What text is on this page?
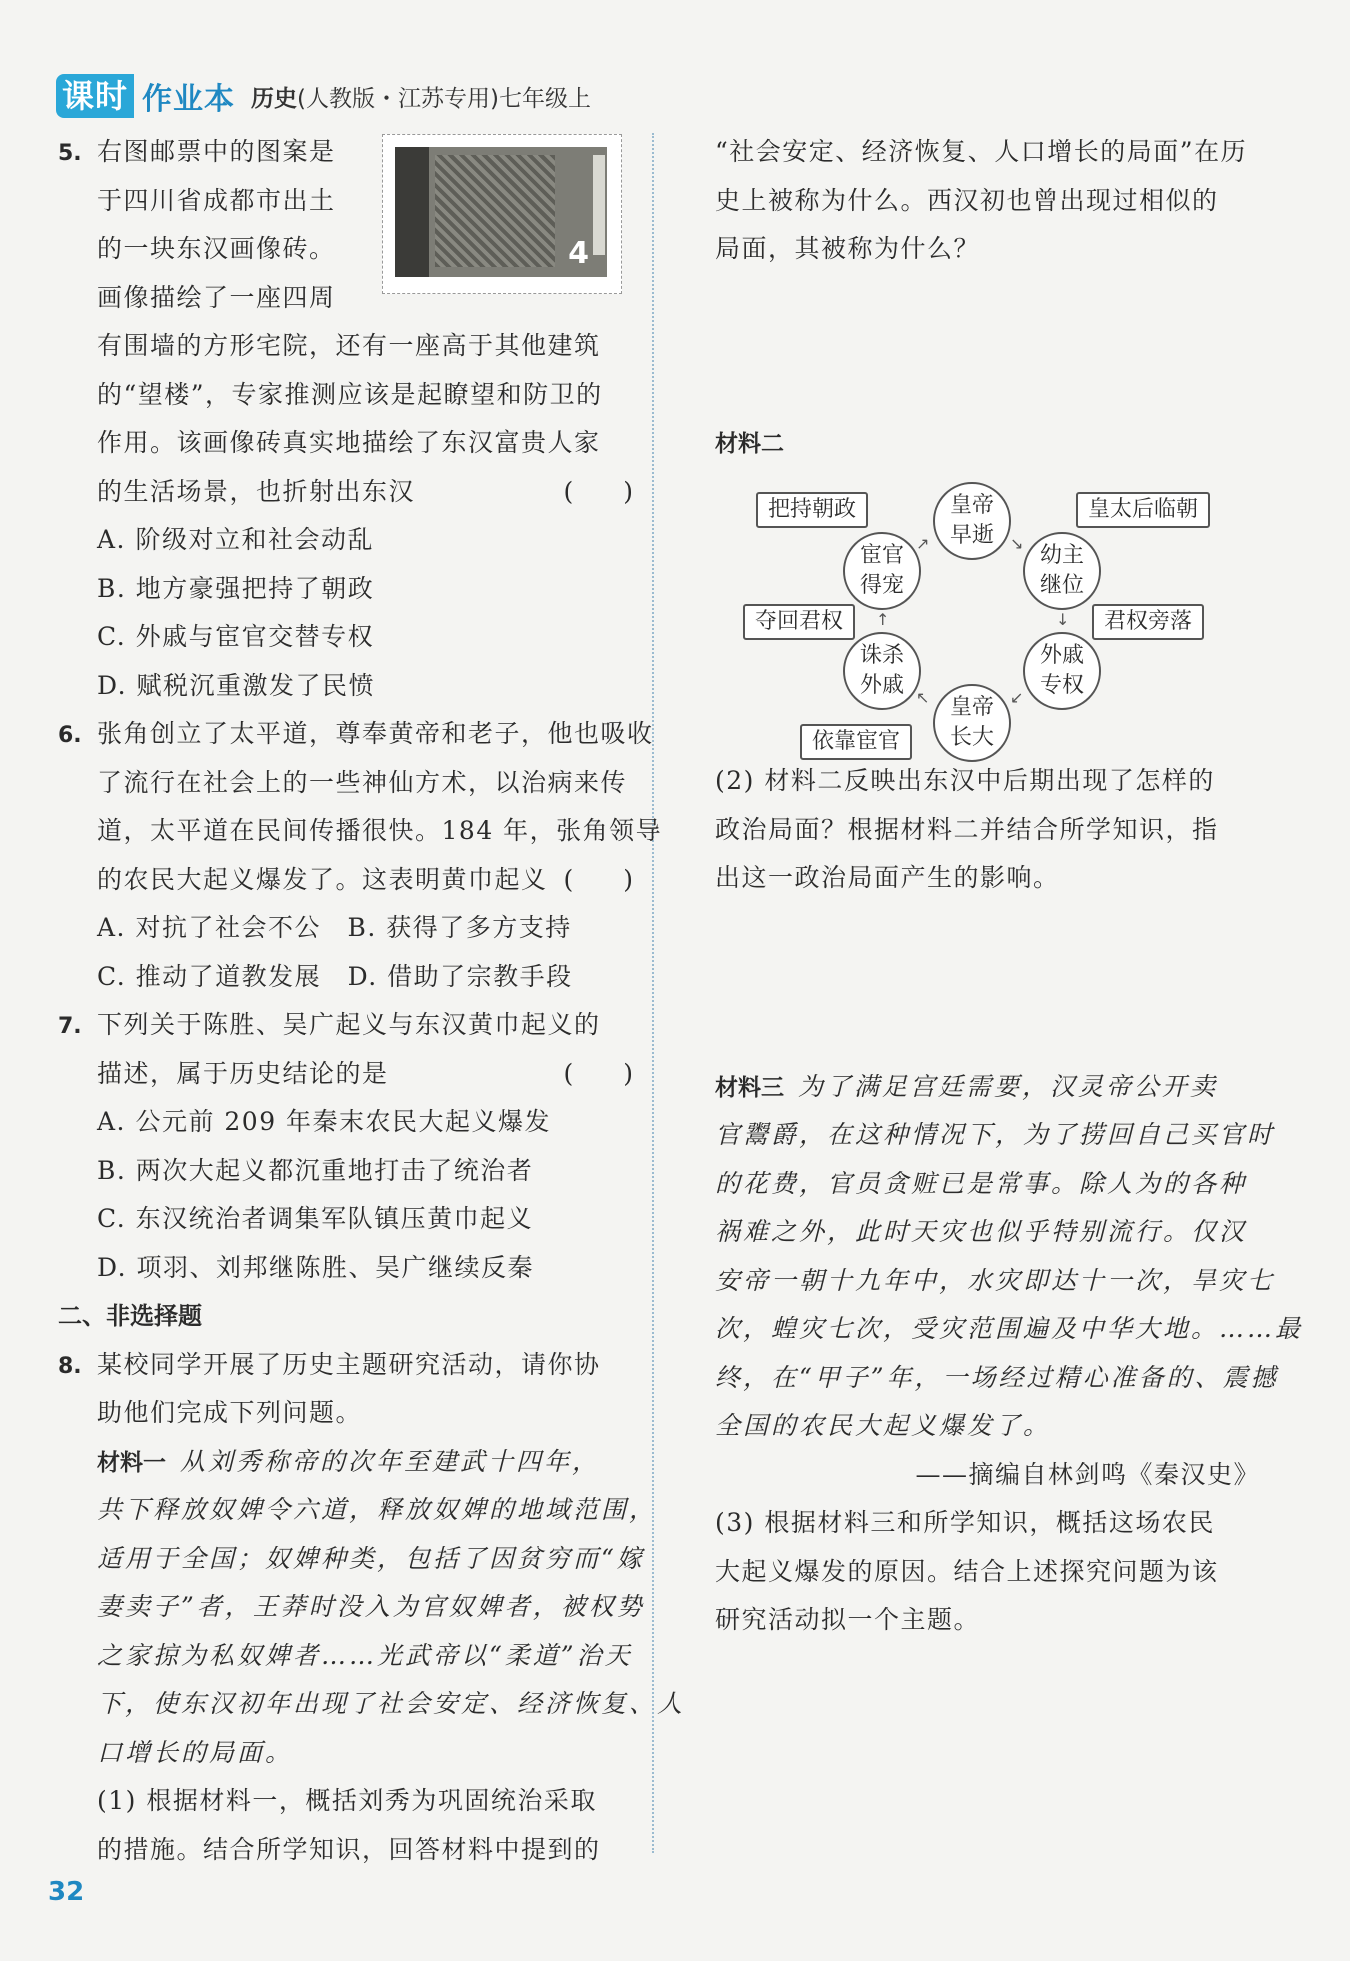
课时 作业本 历史(人教版・江苏专用)七年级上
4
5. 右图邮票中的图案是
于四川省成都市出土
的一块东汉画像砖。
画像描绘了一座四周
有围墙的方形宅院，还有一座高于其他建筑
的“望楼”，专家推测应该是起瞭望和防卫的
作用。该画像砖真实地描绘了东汉富贵人家
的生活场景，也折射出东汉	(　　)
A. 阶级对立和社会动乱
B. 地方豪强把持了朝政
C. 外戚与宦官交替专权
D. 赋税沉重激发了民愤
6. 张角创立了太平道，尊奉黄帝和老子，他也吸收
了流行在社会上的一些神仙方术，以治病来传
道，太平道在民间传播很快。184 年，张角领导
的农民大起义爆发了。这表明黄巾起义 (　　)
A. 对抗了社会不公　B. 获得了多方支持
C. 推动了道教发展　D. 借助了宗教手段
7. 下列关于陈胜、吴广起义与东汉黄巾起义的
描述，属于历史结论的是	(　　)
A. 公元前 209 年秦末农民大起义爆发
B. 两次大起义都沉重地打击了统治者
C. 东汉统治者调集军队镇压黄巾起义
D. 项羽、刘邦继陈胜、吴广继续反秦
二、非选择题
8. 某校同学开展了历史主题研究活动，请你协
助他们完成下列问题。
材料一 从刘秀称帝的次年至建武十四年，
共下释放奴婢令六道，释放奴婢的地域范围，
适用于全国；奴婢种类，包括了因贫穷而“嫁
妻卖子”者，王莽时没入为官奴婢者，被权势
之家掠为私奴婢者……光武帝以“柔道”治天
下，使东汉初年出现了社会安定、经济恢复、人
口增长的局面。
(1) 根据材料一，概括刘秀为巩固统治采取
的措施。结合所学知识，回答材料中提到的
“社会安定、经济恢复、人口增长的局面”在历
史上被称为什么。西汉初也曾出现过相似的
局面，其被称为什么？
材料二
(2) 材料二反映出东汉中后期出现了怎样的
政治局面？根据材料二并结合所学知识，指
出这一政治局面产生的影响。
材料三 为了满足宫廷需要，汉灵帝公开卖
官鬻爵，在这种情况下，为了捞回自己买官时
的花费，官员贪赃已是常事。除人为的各种
祸难之外，此时天灾也似乎特别流行。仅汉
安帝一朝十九年中，水灾即达十一次，旱灾七
次，蝗灾七次，受灾范围遍及中华大地。……最
终，在“甲子”年，一场经过精心准备的、震撼
全国的农民大起义爆发了。
——摘编自林剑鸣《秦汉史》
(3) 根据材料三和所学知识，概括这场农民
大起义爆发的原因。结合上述探究问题为该
研究活动拟一个主题。
皇帝早逝
幼主继位
外戚专权
皇帝长大
诛杀外戚
宦官得宠
把持朝政	皇太后临朝
君权旁落
夺回君权
依靠宦官
↘
↓
↙
↖
↑
↗
32
